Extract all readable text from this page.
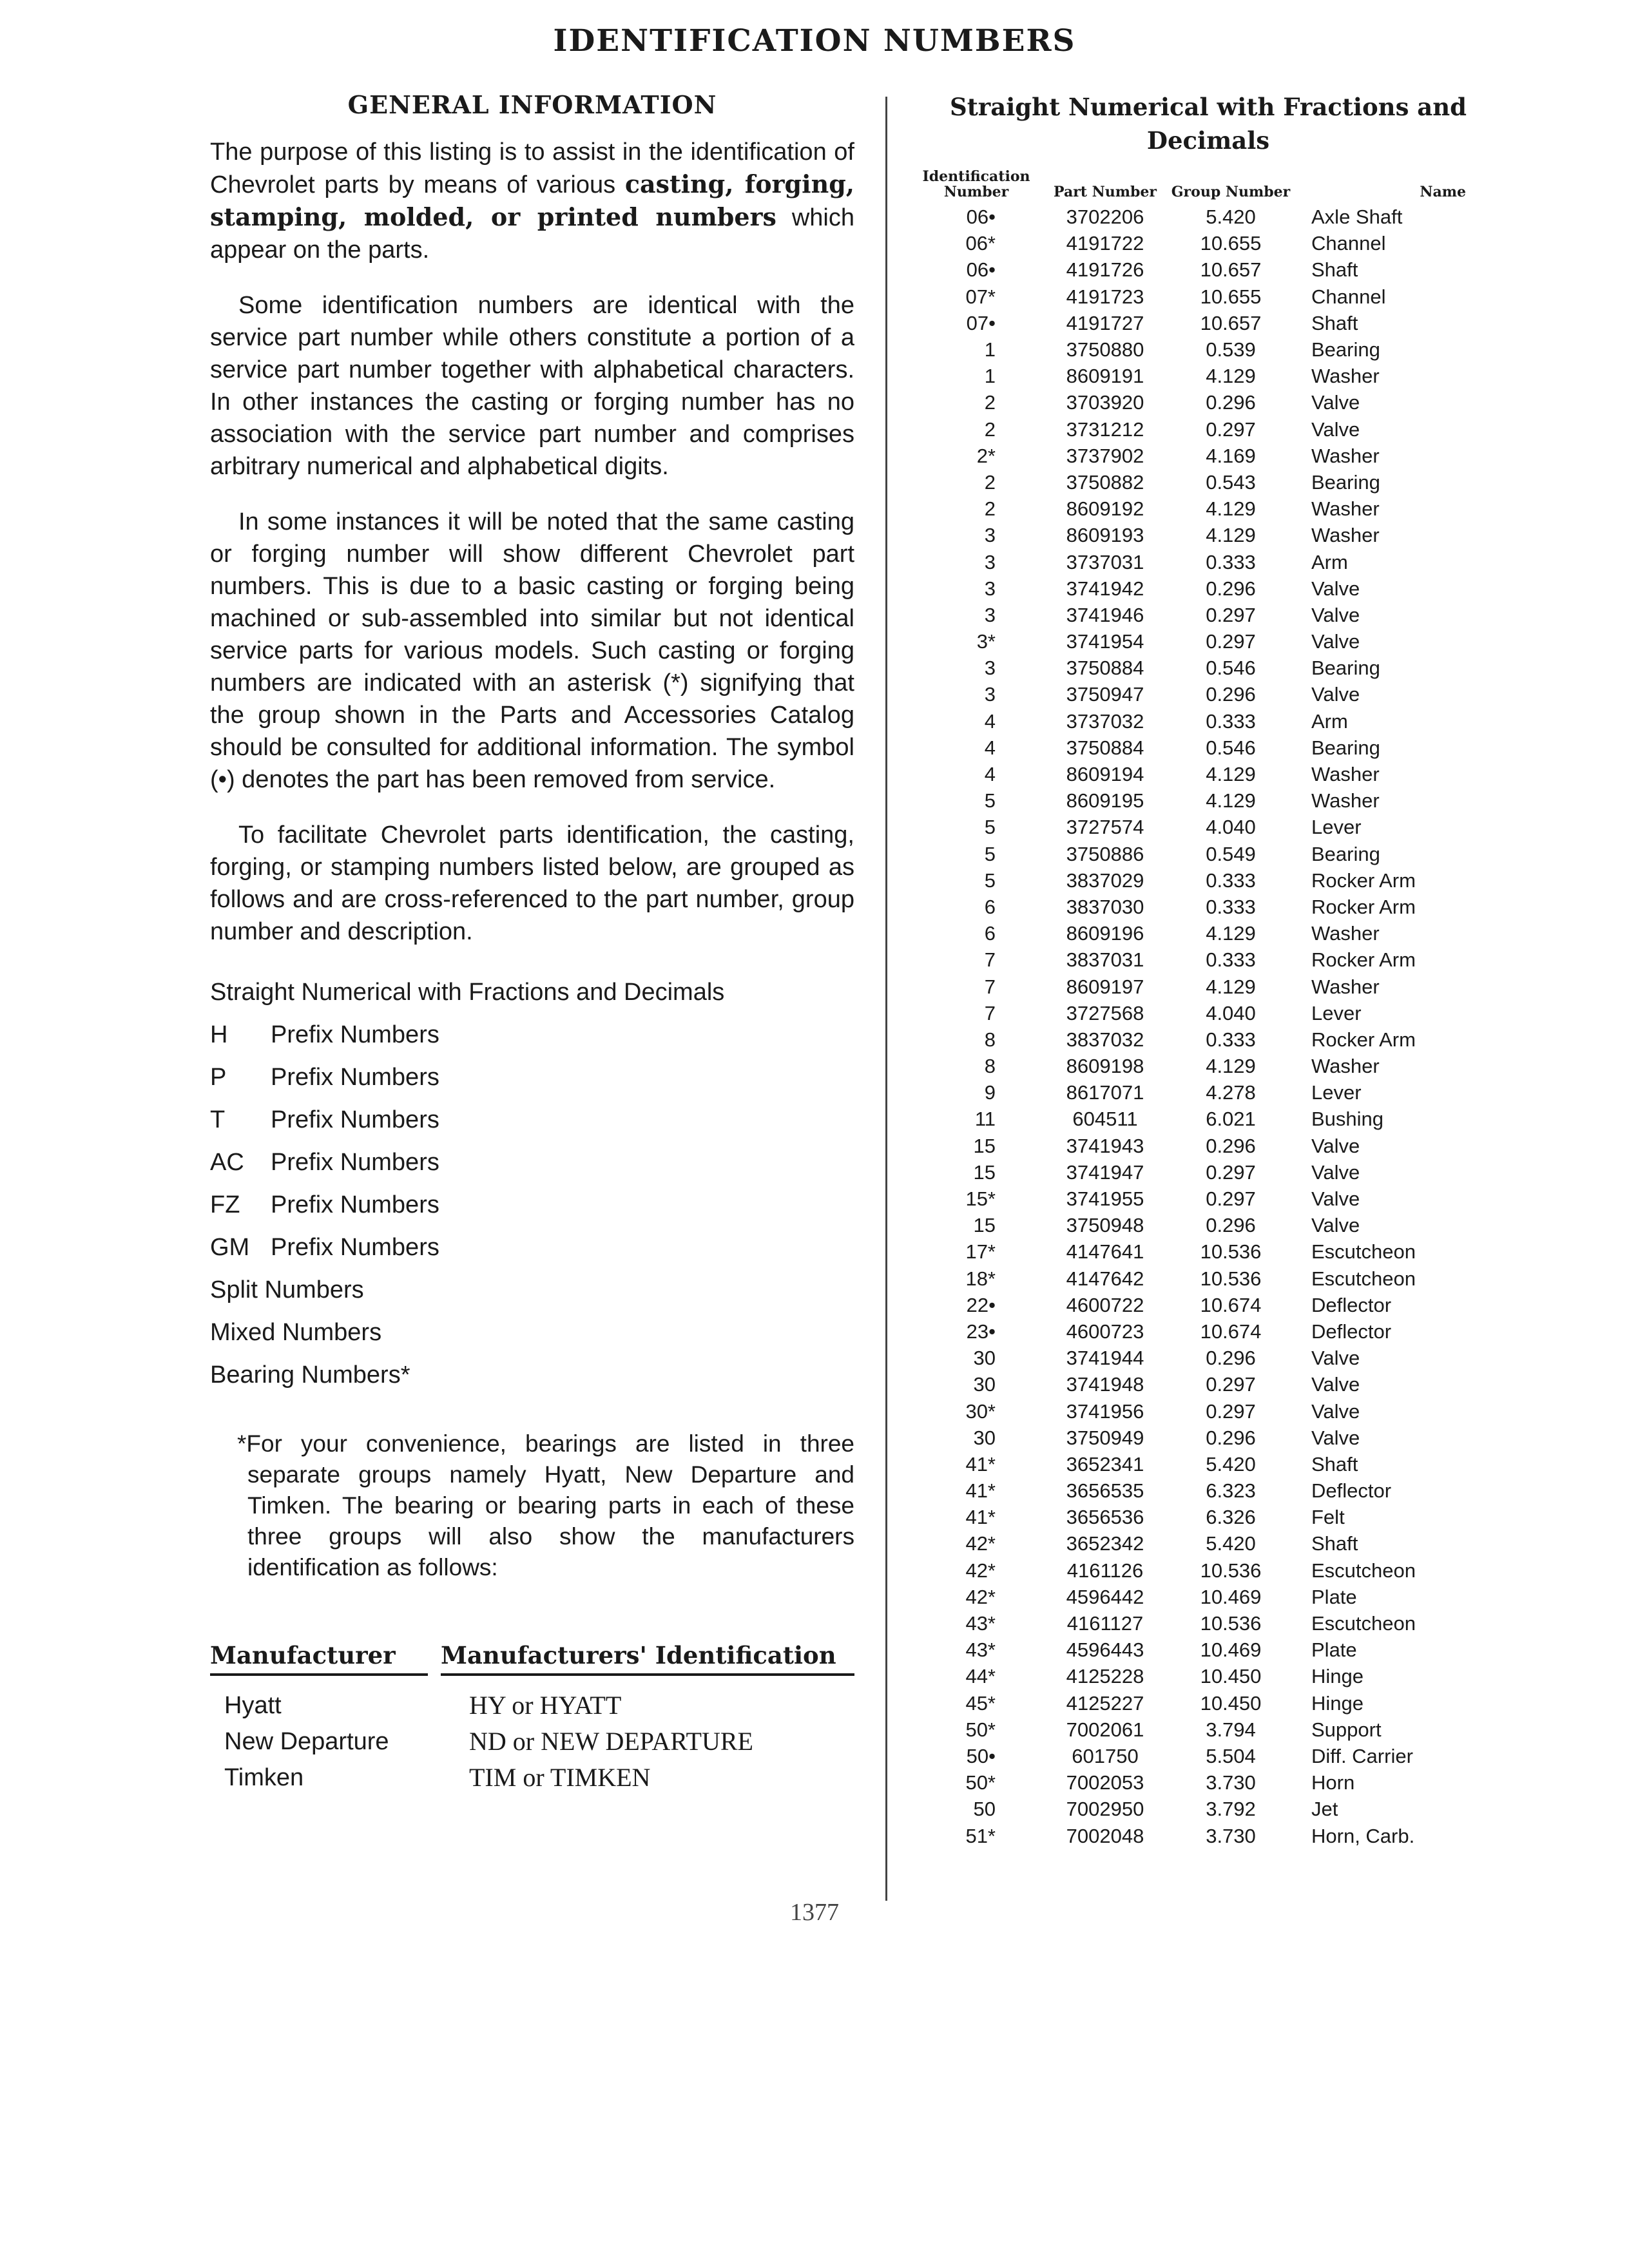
IDENTIFICATION NUMBERS
GENERAL INFORMATION

The purpose of this listing is to assist in the identification of Chevrolet parts by means of various casting, forging, stamping, molded, or printed numbers which appear on the parts.

Some identification numbers are identical with the service part number while others constitute a portion of a service part number together with alphabetical characters. In other instances the casting or forging number has no association with the service part number and comprises arbitrary numerical and alphabetical digits.

In some instances it will be noted that the same casting or forging number will show different Chevrolet part numbers. This is due to a basic casting or forging being machined or sub-assembled into similar but not identical service parts for various models. Such casting or forging numbers are indicated with an asterisk (*) signifying that the group shown in the Parts and Accessories Catalog should be consulted for additional information. The symbol (•) denotes the part has been removed from service.

To facilitate Chevrolet parts identification, the casting, forging, or stamping numbers listed below, are grouped as follows and are cross-referenced to the part number, group number and description.

Straight Numerical with Fractions and Decimals
H Prefix Numbers
P Prefix Numbers
T Prefix Numbers
AC Prefix Numbers
FZ Prefix Numbers
GM Prefix Numbers
Split Numbers
Mixed Numbers
Bearing Numbers*

*For your convenience, bearings are listed in three separate groups namely Hyatt, New Departure and Timken. The bearing or bearing parts in each of these three groups will also show the manufacturers identification as follows:

Manufacturer	Manufacturers' Identification
Hyatt	HY or HYATT
New Departure	ND or NEW DEPARTURE
Timken	TIM or TIMKEN
Straight Numerical with Fractions and Decimals
Identification Number	Part Number	Group Number	Name
06•	3702206	5.420	Axle Shaft
06*	4191722	10.655	Channel
06•	4191726	10.657	Shaft
07*	4191723	10.655	Channel
07•	4191727	10.657	Shaft
1	3750880	0.539	Bearing
1	8609191	4.129	Washer
2	3703920	0.296	Valve
2	3731212	0.297	Valve
2*	3737902	4.169	Washer
2	3750882	0.543	Bearing
2	8609192	4.129	Washer
3	8609193	4.129	Washer
3	3737031	0.333	Arm
3	3741942	0.296	Valve
3	3741946	0.297	Valve
3*	3741954	0.297	Valve
3	3750884	0.546	Bearing
3	3750947	0.296	Valve
4	3737032	0.333	Arm
4	3750884	0.546	Bearing
4	8609194	4.129	Washer
5	8609195	4.129	Washer
5	3727574	4.040	Lever
5	3750886	0.549	Bearing
5	3837029	0.333	Rocker Arm
6	3837030	0.333	Rocker Arm
6	8609196	4.129	Washer
7	3837031	0.333	Rocker Arm
7	8609197	4.129	Washer
7	3727568	4.040	Lever
8	3837032	0.333	Rocker Arm
8	8609198	4.129	Washer
9	8617071	4.278	Lever
11	604511	6.021	Bushing
15	3741943	0.296	Valve
15	3741947	0.297	Valve
15*	3741955	0.297	Valve
15	3750948	0.296	Valve
17*	4147641	10.536	Escutcheon
18*	4147642	10.536	Escutcheon
22•	4600722	10.674	Deflector
23•	4600723	10.674	Deflector
30	3741944	0.296	Valve
30	3741948	0.297	Valve
30*	3741956	0.297	Valve
30	3750949	0.296	Valve
41*	3652341	5.420	Shaft
41*	3656535	6.323	Deflector
41*	3656536	6.326	Felt
42*	3652342	5.420	Shaft
42*	4161126	10.536	Escutcheon
42*	4596442	10.469	Plate
43*	4161127	10.536	Escutcheon
43*	4596443	10.469	Plate
44*	4125228	10.450	Hinge
45*	4125227	10.450	Hinge
50*	7002061	3.794	Support
50•	601750	5.504	Diff. Carrier
50*	7002053	3.730	Horn
50	7002950	3.792	Jet
51*	7002048	3.730	Horn, Carb.
1377
